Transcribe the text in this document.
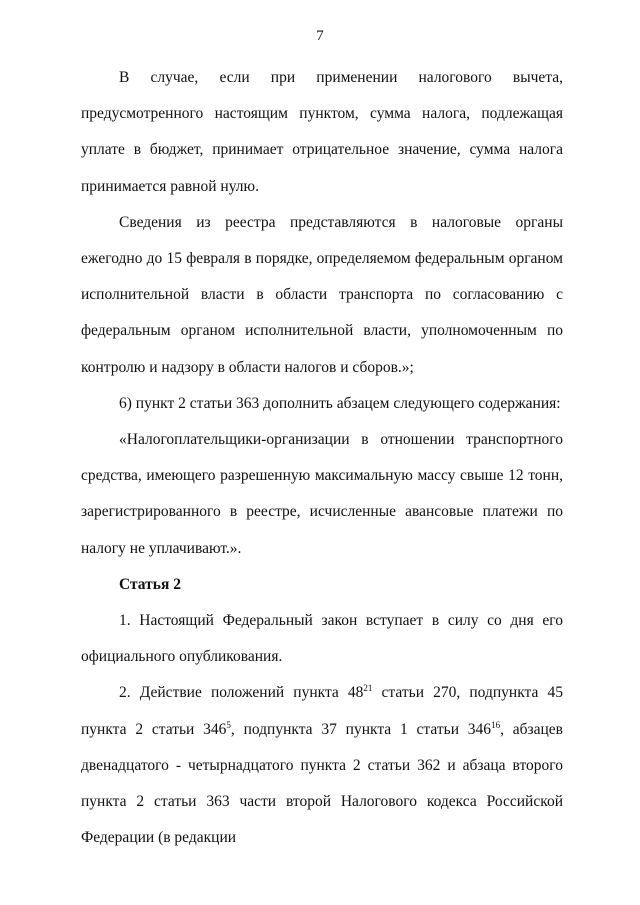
7

В случае, если при применении налогового вычета, предусмотренного настоящим пунктом, сумма налога, подлежащая уплате в бюджет, принимает отрицательное значение, сумма налога принимается равной нулю.

Сведения из реестра представляются в налоговые органы ежегодно до 15 февраля в порядке, определяемом федеральным органом исполнительной власти в области транспорта по согласованию с федеральным органом исполнительной власти, уполномоченным по контролю и надзору в области налогов и сборов.»;

6) пункт 2 статьи 363 дополнить абзацем следующего содержания:

«Налогоплательщики-организации в отношении транспортного средства, имеющего разрешенную максимальную массу свыше 12 тонн, зарегистрированного в реестре, исчисленные авансовые платежи по налогу не уплачивают.».

Статья 2

1. Настоящий Федеральный закон вступает в силу со дня его официального опубликования.

2. Действие положений пункта $48^{21}$ статьи 270, подпункта 45 пункта 2 статьи $346^5$, подпункта 37 пункта 1 статьи $346^{16}$, абзацев двенадцатого - четырнадцатого пункта 2 статьи 362 и абзаца второго пункта 2 статьи 363 части второй Налогового кодекса Российской Федерации (в редакции
